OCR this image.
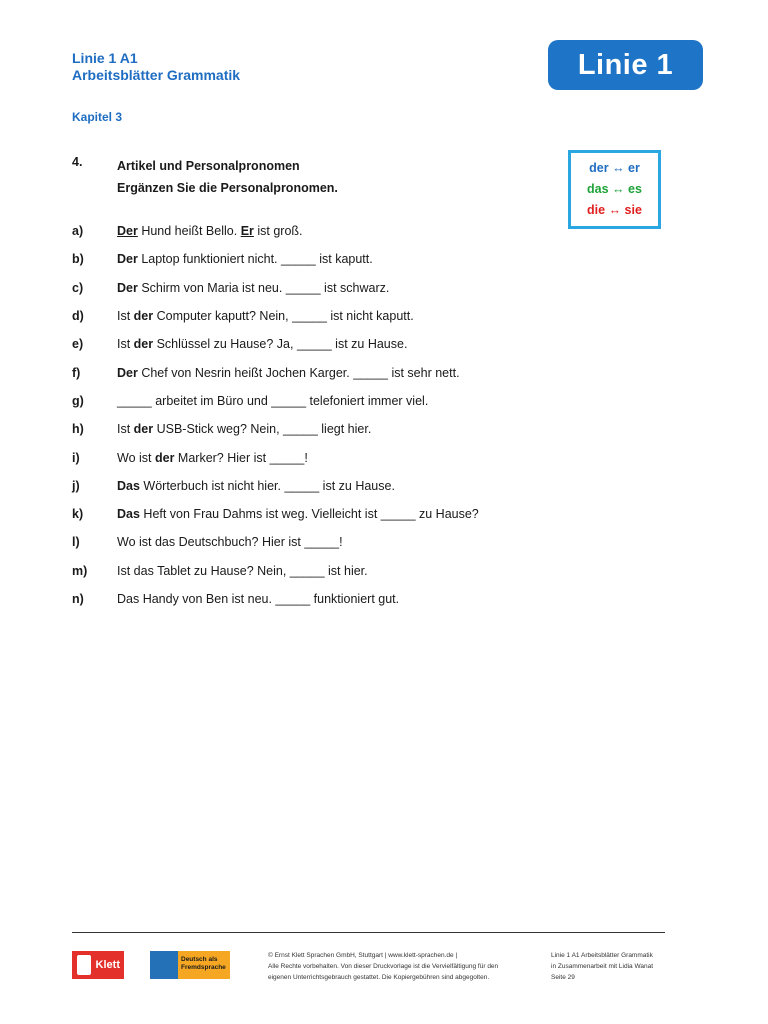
Linie 1 A1
Arbeitsblätter Grammatik	Linie 1
Kapitel 3
4.	Artikel und Personalpronomen
Ergänzen Sie die Personalpronomen.
der ↔ er
das ↔ es
die ↔ sie
a)	Der Hund heißt Bello. Er ist groß.
b)	Der Laptop funktioniert nicht. _____ ist kaputt.
c)	Der Schirm von Maria ist neu. _____ ist schwarz.
d)	Ist der Computer kaputt? Nein, _____ ist nicht kaputt.
e)	Ist der Schlüssel zu Hause? Ja, _____ ist zu Hause.
f)	Der Chef von Nesrin heißt Jochen Karger. _____ ist sehr nett.
g)	_____ arbeitet im Büro und _____ telefoniert immer viel.
h)	Ist der USB-Stick weg? Nein, _____ liegt hier.
i)	Wo ist der Marker? Hier ist _____!
j)	Das Wörterbuch ist nicht hier. _____ ist zu Hause.
k)	Das Heft von Frau Dahms ist weg. Vielleicht ist _____ zu Hause?
l)	Wo ist das Deutschbuch? Hier ist _____!
m)	Ist das Tablet zu Hause? Nein, _____ ist hier.
n)	Das Handy von Ben ist neu. _____ funktioniert gut.
Klett	Deutsch als
Fremdsprache
© Ernst Klett Sprachen GmbH, Stuttgart | www.klett-sprachen.de |
Alle Rechte vorbehalten. Von dieser Druckvorlage ist die Vervielfältigung für den
eigenen Unterrichtsgebrauch gestattet. Die Kopiergebühren sind abgegolten.
Linie 1 A1 Arbeitsblätter Grammatik
in Zusammenarbeit mit Lidia Wanat
Seite 29
